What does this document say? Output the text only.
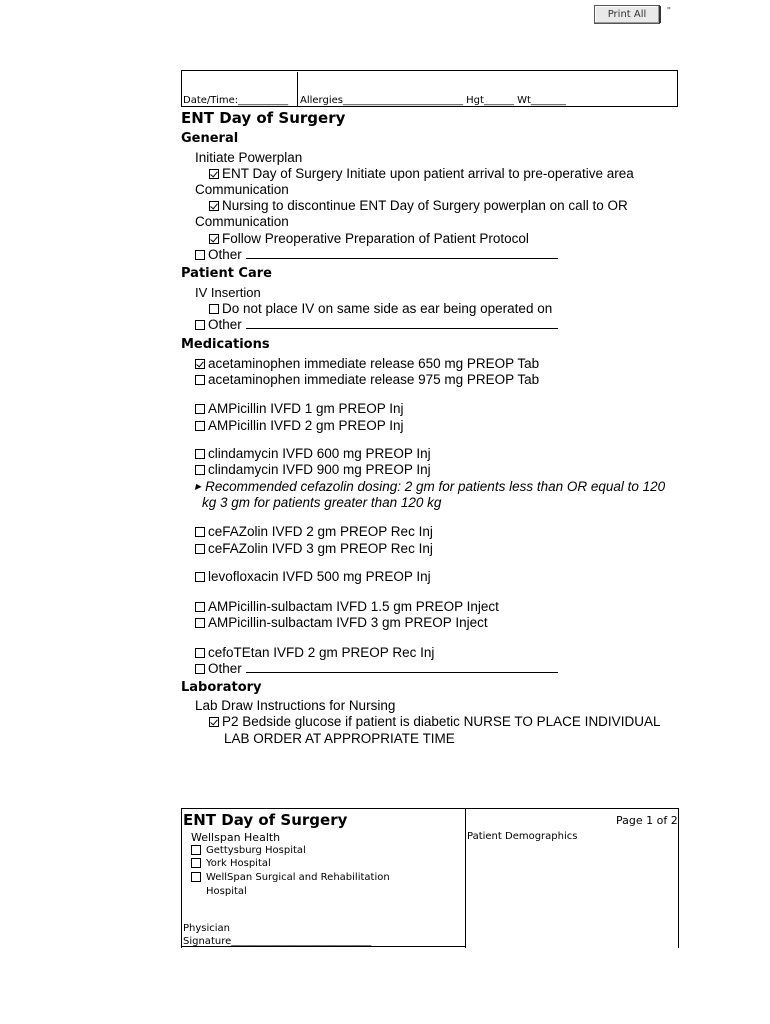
Print All	''
Date/Time:__________ Allergies________________________ Hgt______ Wt_______
ENT Day of Surgery
General
Initiate Powerplan
ENT Day of Surgery Initiate upon patient arrival to pre-operative area
Communication
Nursing to discontinue ENT Day of Surgery powerplan on call to OR
Communication
Follow Preoperative Preparation of Patient Protocol
Other
Patient Care
IV Insertion
Do not place IV on same side as ear being operated on
Other
Medications
acetaminophen immediate release 650 mg PREOP Tab
acetaminophen immediate release 975 mg PREOP Tab
AMPicillin IVFD 1 gm PREOP Inj
AMPicillin IVFD 2 gm PREOP Inj
clindamycin IVFD 600 mg PREOP Inj
clindamycin IVFD 900 mg PREOP Inj
▶ Recommended cefazolin dosing: 2 gm for patients less than OR equal to 120
kg 3 gm for patients greater than 120 kg
ceFAZolin IVFD 2 gm PREOP Rec Inj
ceFAZolin IVFD 3 gm PREOP Rec Inj
levofloxacin IVFD 500 mg PREOP Inj
AMPicillin-sulbactam IVFD 1.5 gm PREOP Inject
AMPicillin-sulbactam IVFD 3 gm PREOP Inject
cefoTEtan IVFD 2 gm PREOP Rec Inj
Other
Laboratory
Lab Draw Instructions for Nursing
P2 Bedside glucose if patient is diabetic NURSE TO PLACE INDIVIDUAL
LAB ORDER AT APPROPRIATE TIME
ENT Day of Surgery	Page 1 of 2
Wellspan Health	Patient Demographics
Gettysburg Hospital
York Hospital
WellSpan Surgical and Rehabilitation
Hospital
Physician
Signature____________________________
